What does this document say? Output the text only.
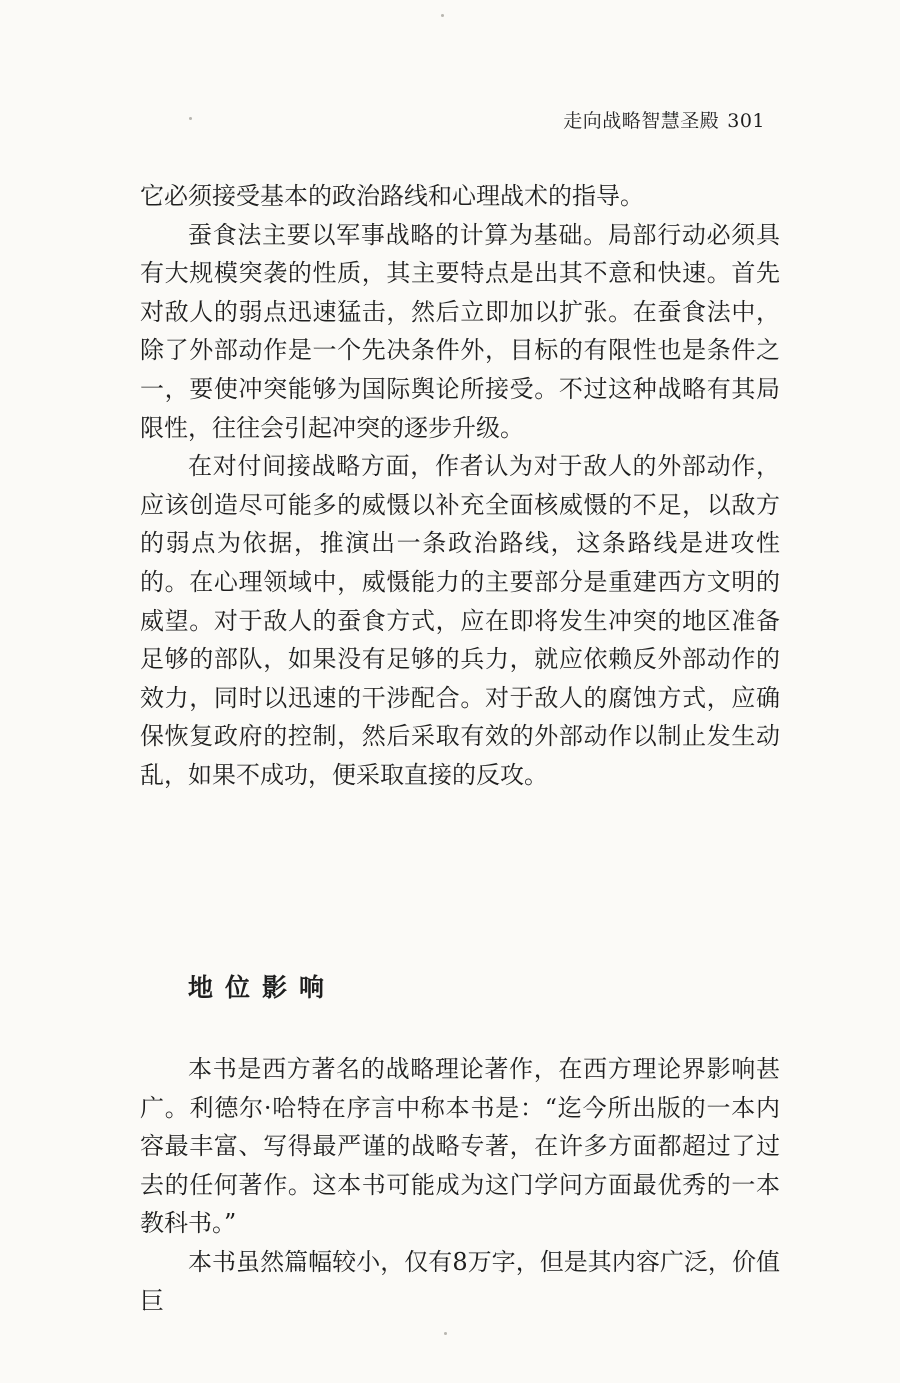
走向战略智慧圣殿 301

它必须接受基本的政治路线和心理战术的指导。

蚕食法主要以军事战略的计算为基础。局部行动必须具有大规模突袭的性质，其主要特点是出其不意和快速。首先对敌人的弱点迅速猛击，然后立即加以扩张。在蚕食法中，除了外部动作是一个先决条件外，目标的有限性也是条件之一，要使冲突能够为国际舆论所接受。不过这种战略有其局限性，往往会引起冲突的逐步升级。

在对付间接战略方面，作者认为对于敌人的外部动作，应该创造尽可能多的威慑以补充全面核威慑的不足，以敌方的弱点为依据，推演出一条政治路线，这条路线是进攻性的。在心理领域中，威慑能力的主要部分是重建西方文明的威望。对于敌人的蚕食方式，应在即将发生冲突的地区准备足够的部队，如果没有足够的兵力，就应依赖反外部动作的效力，同时以迅速的干涉配合。对于敌人的腐蚀方式，应确保恢复政府的控制，然后采取有效的外部动作以制止发生动乱，如果不成功，便采取直接的反攻。

地位影响

本书是西方著名的战略理论著作，在西方理论界影响甚广。利德尔·哈特在序言中称本书是：“迄今所出版的一本内容最丰富、写得最严谨的战略专著，在许多方面都超过了过去的任何著作。这本书可能成为这门学问方面最优秀的一本教科书。”

本书虽然篇幅较小，仅有8万字，但是其内容广泛，价值巨
